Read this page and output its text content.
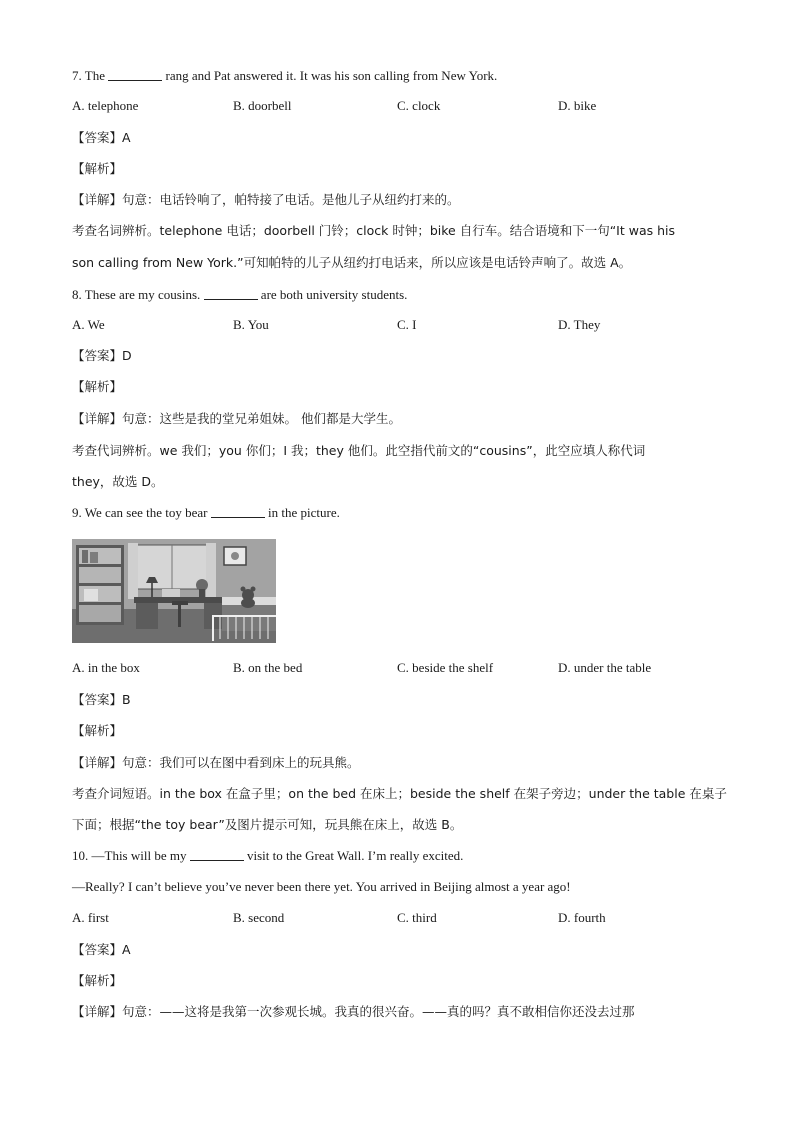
7. The	rang and Pat answered it. It was his son calling from New York.
A. telephone	B. doorbell	C. clock	D. bike
【答案】A
【解析】
【详解】句意：电话铃响了，帕特接了电话。是他儿子从纽约打来的。
考查名词辨析。telephone 电话；doorbell 门铃；clock 时钟；bike 自行车。结合语境和下一句“It was his
son calling from New York.”可知帕特的儿子从纽约打电话来，所以应该是电话铃声响了。故选 A。
8. These are my cousins.	are both university students.
A. We	B. You	C. I	D. They
【答案】D
【解析】
【详解】句意：这些是我的堂兄弟姐妹。 他们都是大学生。
考查代词辨析。we 我们；you 你们；I 我；they 他们。此空指代前文的“cousins”，此空应填人称代词
they，故选 D。
9. We can see the toy bear	in the picture.
A. in the box	B. on the bed	C. beside the shelf	D. under the table
【答案】B
【解析】
【详解】句意：我们可以在图中看到床上的玩具熊。
考查介词短语。in the box 在盒子里；on the bed 在床上；beside the shelf 在架子旁边；under the table 在桌子
下面；根据“the toy bear”及图片提示可知，玩具熊在床上，故选 B。
10. —This will be my	visit to the Great Wall. I’m really excited.
—Really? I can’t believe you’ve never been there yet. You arrived in Beijing almost a year ago!
A. first	B. second	C. third	D. fourth
【答案】A
【解析】
【详解】句意：——这将是我第一次参观长城。我真的很兴奋。——真的吗？真不敢相信你还没去过那
